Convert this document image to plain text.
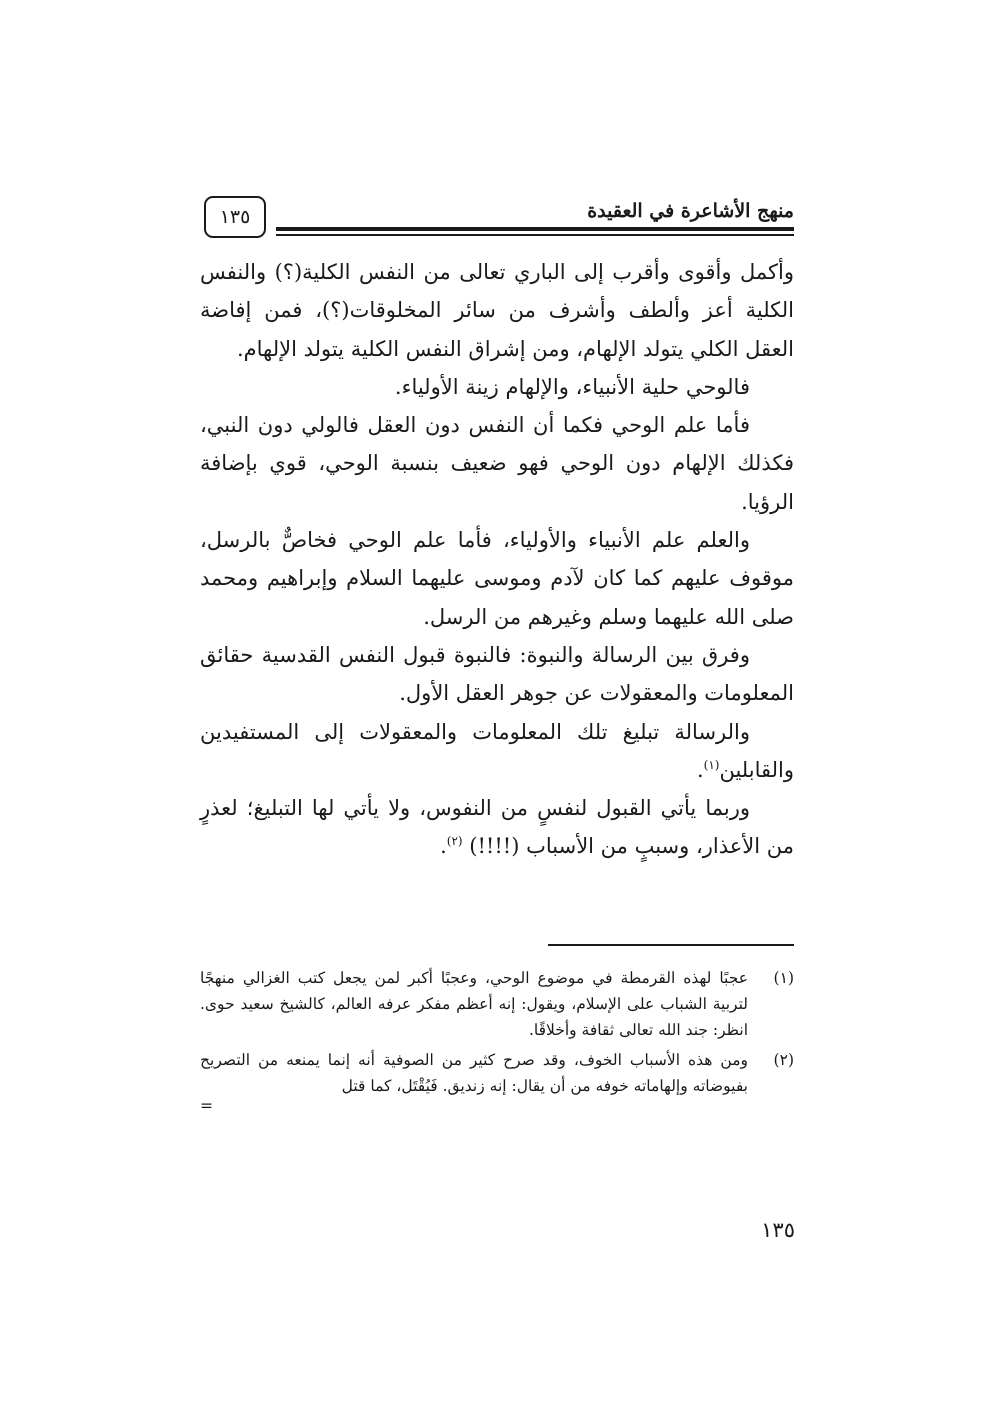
١٣٥	منهج الأشاعرة في العقيدة

وأكمل وأقوى وأقرب إلى الباري تعالى من النفس الكلية(؟) والنفس الكلية أعز وألطف وأشرف من سائر المخلوقات(؟)، فمن إفاضة العقل الكلي يتولد الإلهام، ومن إشراق النفس الكلية يتولد الإلهام.

فالوحي حلية الأنبياء، والإلهام زينة الأولياء.

فأما علم الوحي فكما أن النفس دون العقل فالولي دون النبي، فكذلك الإلهام دون الوحي فهو ضعيف بنسبة الوحي، قوي بإضافة الرؤيا.

والعلم علم الأنبياء والأولياء، فأما علم الوحي فخاصٌّ بالرسل، موقوف عليهم كما كان لآدم وموسى عليهما السلام وإبراهيم ومحمد صلى الله عليهما وسلم وغيرهم من الرسل.

وفرق بين الرسالة والنبوة: فالنبوة قبول النفس القدسية حقائق المعلومات والمعقولات عن جوهر العقل الأول.

والرسالة تبليغ تلك المعلومات والمعقولات إلى المستفيدين والقابلين$^{(١)}$.

وربما يأتي القبول لنفسٍ من النفوس، ولا يأتي لها التبليغ؛ لعذرٍ من الأعذار، وسببٍ من الأسباب (!!!!) $^{(٢)}$.

(١)
عجبًا لهذه القرمطة في موضوع الوحي، وعجبًا أكبر لمن يجعل كتب الغزالي منهجًا لتربية الشباب على الإسلام، ويقول: إنه أعظم مفكر عرفه العالم، كالشيخ سعيد حوى. انظر: جند الله تعالى ثقافة وأخلاقًا.
(٢)
ومن هذه الأسباب الخوف، وقد صرح كثير من الصوفية أنه إنما يمنعه من التصريح بفيوضاته وإلهاماته خوفه من أن يقال: إنه زنديق. فَيُقْتَل، كما قتل
=
١٣٥
